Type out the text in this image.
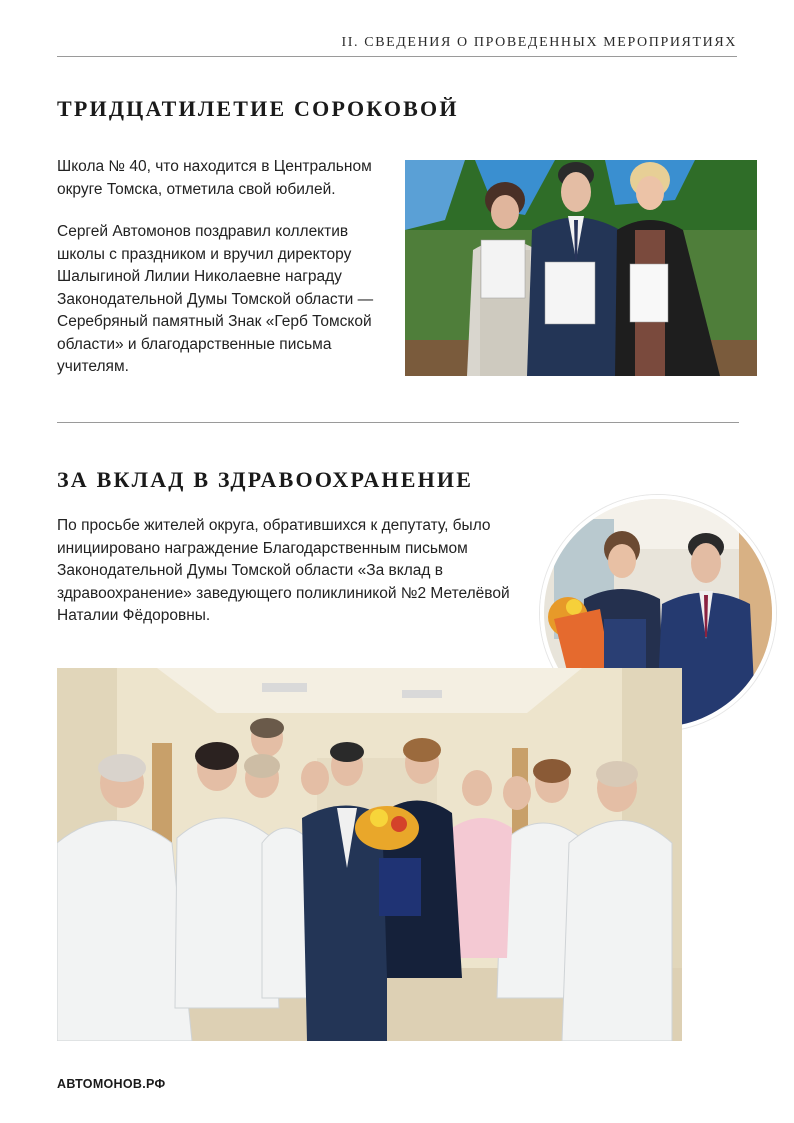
II. СВЕДЕНИЯ О ПРОВЕДЕННЫХ МЕРОПРИЯТИЯХ
ТРИДЦАТИЛЕТИЕ СОРОКОВОЙ

Школа № 40, что находится в Центральном округе Томска, отметила свой юбилей.

Сергей Автомонов поздравил коллектив школы с праздником и вручил директору Шалыгиной Лилии Николаевне награду Законодательной Думы Томской области — Серебряный памятный Знак «Герб Томской области» и благодарственные письма учителям.

ЗА ВКЛАД В ЗДРАВООХРАНЕНИЕ

По просьбе жителей округа, обратившихся к депутату, было инициировано награждение Благодарственным письмом Законодательной Думы Томской области «За вклад в здравоохранение» заведующего поликлиникой №2 Метелёвой Наталии Фёдоровны.

АВТОМОНОВ.РФ
